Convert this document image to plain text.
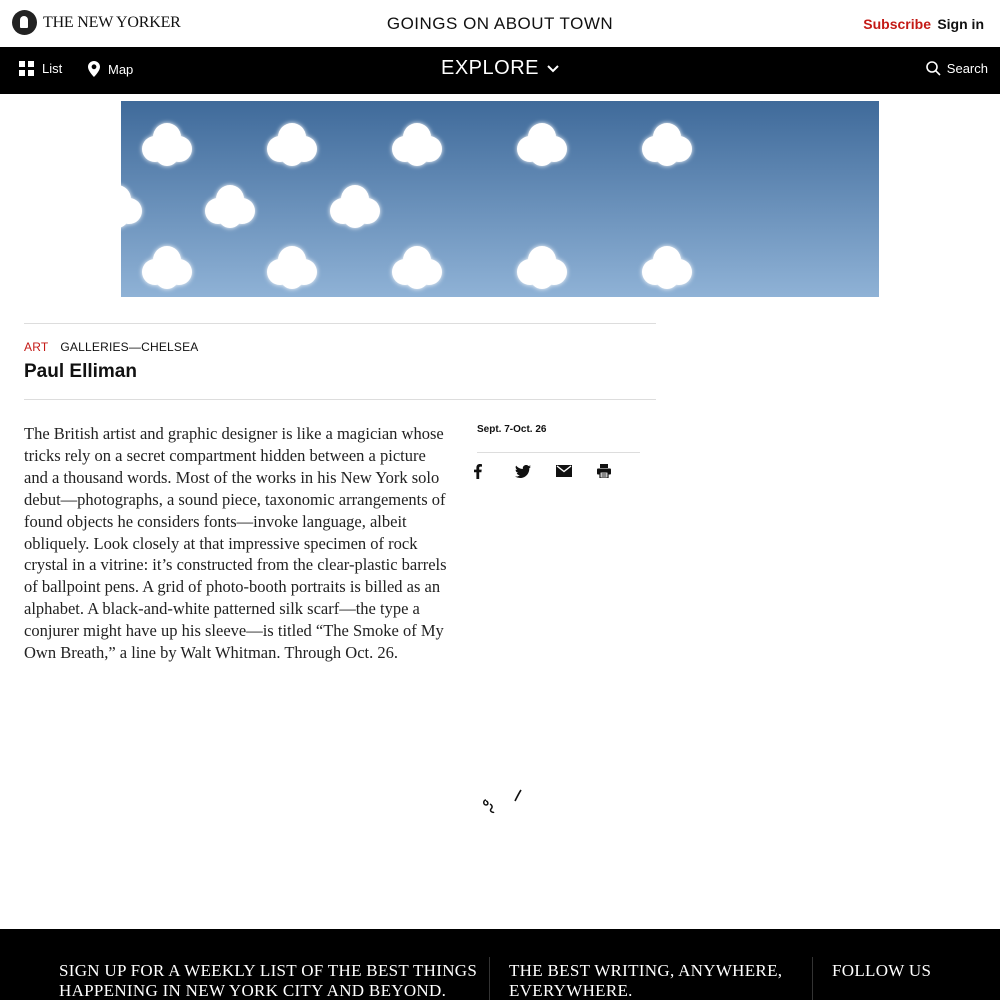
THE NEW YORKER	GOINGS ON ABOUT TOWN	Subscribe Sign in
List	Map	EXPLORE	Search
ART GALLERIES—CHELSEA
Paul Elliman

The British artist and graphic designer is like a magician whose tricks rely on a secret compartment hidden between a picture and a thousand words. Most of the works in his New York solo debut—photographs, a sound piece, taxonomic arrangements of found objects he considers fonts—invoke language, albeit obliquely. Look closely at that impressive specimen of rock crystal in a vitrine: it’s constructed from the clear-plastic barrels of ballpoint pens. A grid of photo-booth portraits is billed as an alphabet. A black-and-white patterned silk scarf—the type a conjurer might have up his sleeve—is titled “The Smoke of My Own Breath,” a line by Walt Whitman. Through Oct. 26.

Sept. 7-Oct. 26
SIGN UP FOR A WEEKLY LIST OF THE BEST THINGS HAPPENING IN NEW YORK CITY AND BEYOND.
THE BEST WRITING, ANYWHERE, EVERYWHERE.
FOLLOW US
